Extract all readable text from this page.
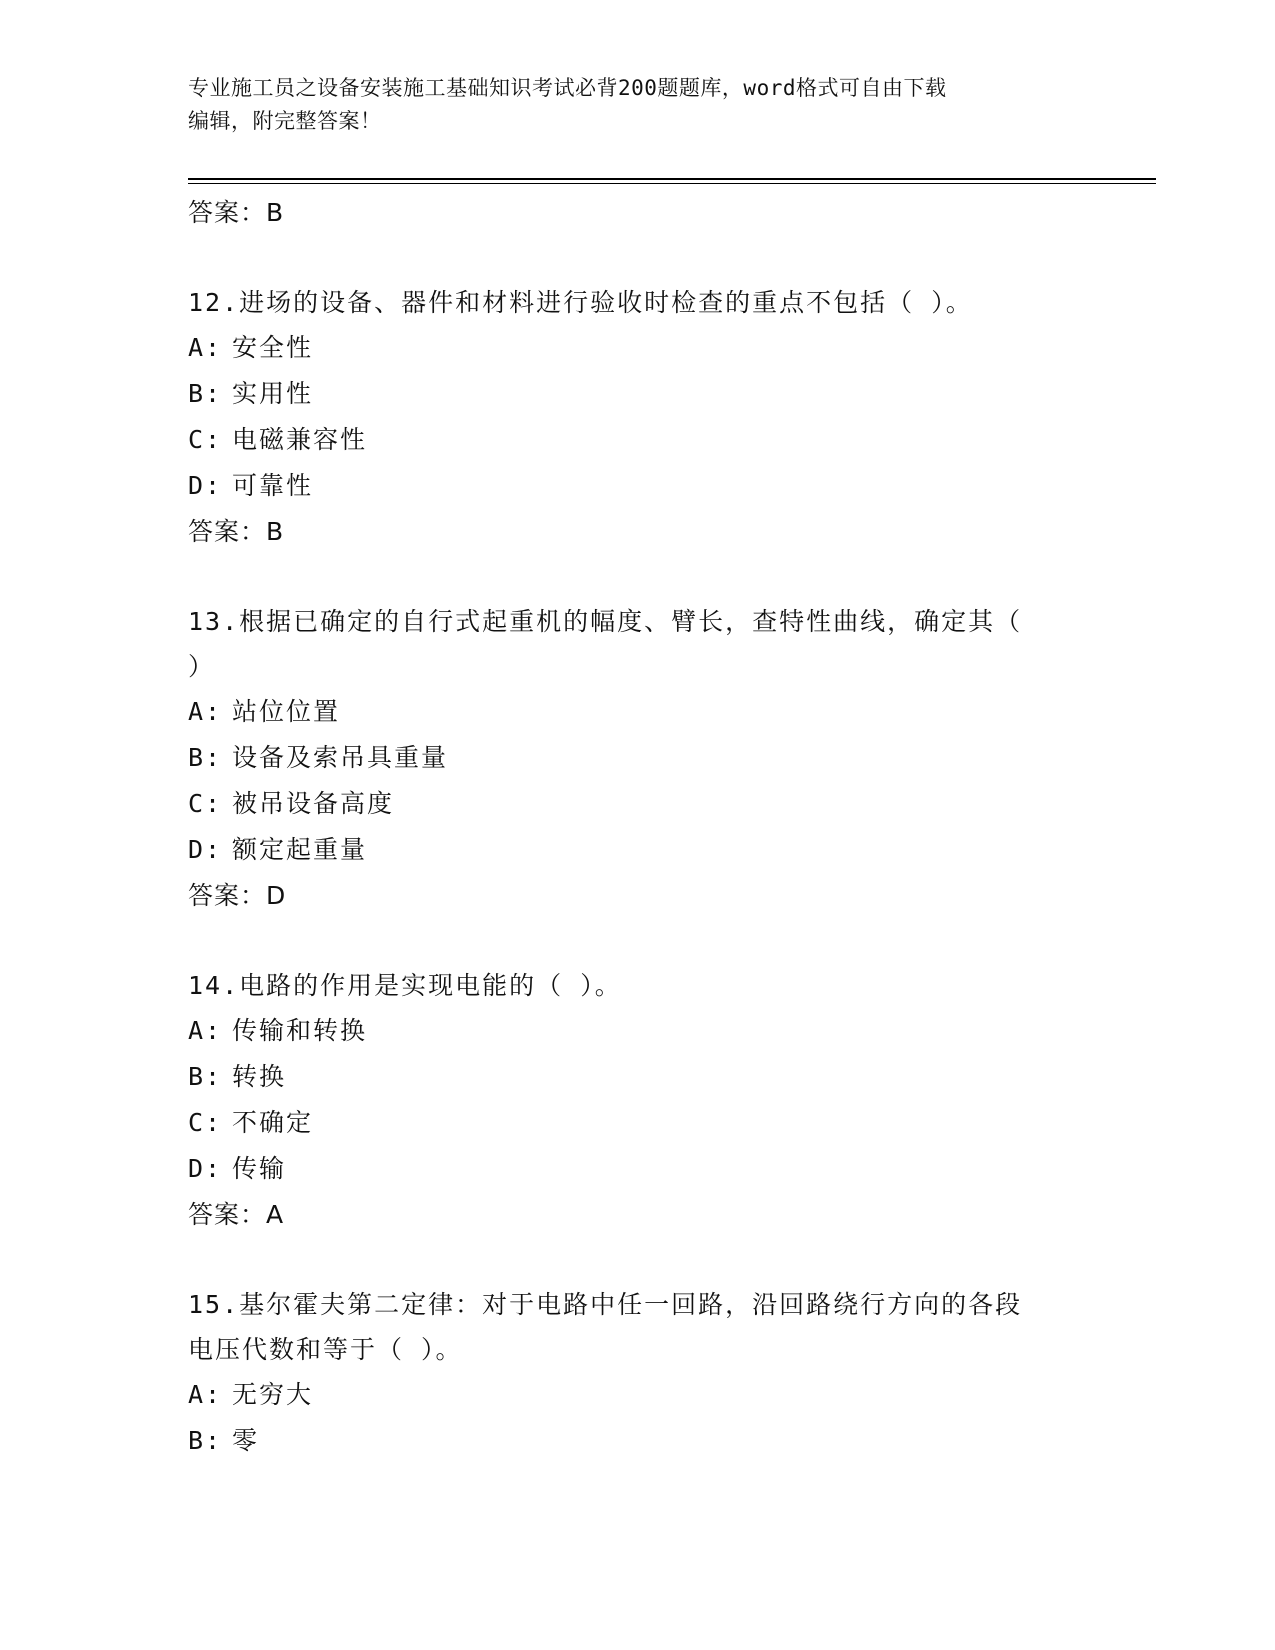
专业施工员之设备安装施工基础知识考试必背200题题库，word格式可自由下载
编辑，附完整答案！
答案：B
12.进场的设备、器件和材料进行验收时检查的重点不包括（ ）。
A: 安全性
B: 实用性
C: 电磁兼容性
D: 可靠性
答案：B
13.根据已确定的自行式起重机的幅度、臂长，查特性曲线，确定其（
）
A: 站位位置
B: 设备及索吊具重量
C: 被吊设备高度
D: 额定起重量
答案：D
14.电路的作用是实现电能的（ ）。
A: 传输和转换
B: 转换
C: 不确定
D: 传输
答案：A
15.基尔霍夫第二定律：对于电路中任一回路，沿回路绕行方向的各段
电压代数和等于（ ）。
A: 无穷大
B: 零
